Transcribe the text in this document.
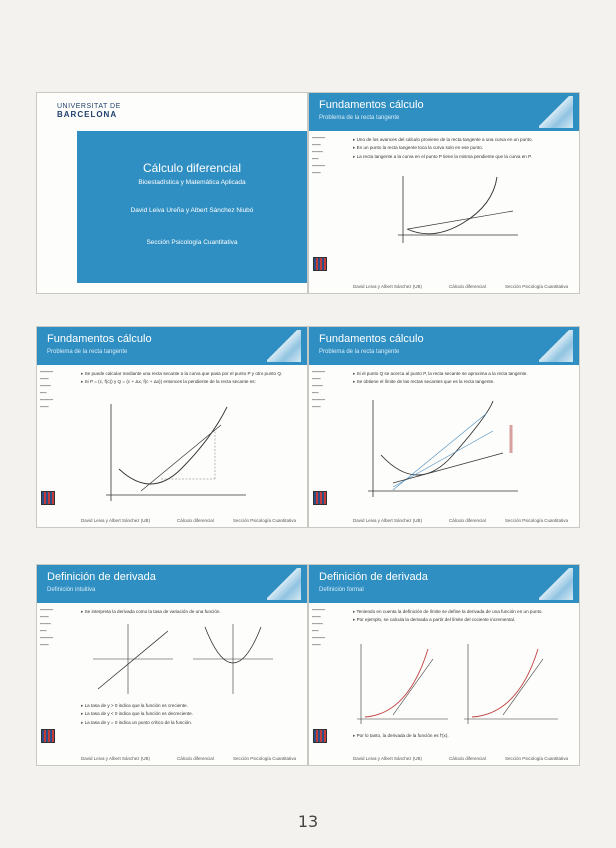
UNIVERSITAT DE
BARCELONA
Cálculo diferencial
Bioestadística y Matemática Aplicada
David Leiva Ureña y Albert Sánchez Niubó
Sección Psicología Cuantitativa
Fundamentos cálculo
Problema de la recta tangente
━━━━━━
━━━━
━━━━━
━━━
━━━━━━
━━━━
▸ Uno de los avances del cálculo proviene de la recta tangente a una curva en un punto.
▸ En un punto la recta tangente toca la curva solo en ese punto.
▸ La recta tangente a la curva en el punto P tiene la misma pendiente que la curva en P.
David Leiva y Albert Sánchez (UB)	Cálculo diferencial	Sección Psicología Cuantitativa
Fundamentos cálculo
Problema de la recta tangente
━━━━━━
━━━━
━━━━━
━━━
━━━━━━
━━━━
▸ Se puede calcular mediante una recta secante a la curva que pasa por el punto P y otro punto Q.
▸ Si P = (c, f(c)) y Q = (c + Δx, f(c + Δx)) entonces la pendiente de la recta secante es:
David Leiva y Albert Sánchez (UB)	Cálculo diferencial	Sección Psicología Cuantitativa
Fundamentos cálculo
Problema de la recta tangente
━━━━━━
━━━━
━━━━━
━━━
━━━━━━
━━━━
▸ Si el punto Q se acerca al punto P, la recta secante se aproxima a la recta tangente.
▸ Se obtiene el límite de las rectas secantes que es la recta tangente.
David Leiva y Albert Sánchez (UB)	Cálculo diferencial	Sección Psicología Cuantitativa
Definición de derivada
Definición intuitiva
━━━━━━
━━━━
━━━━━
━━━
━━━━━━
━━━━
▸ Se interpreta la derivada como la tasa de variación de una función.
▸ La tasa de y > 0 indica que la función es creciente.
▸ La tasa de y < 0 indica que la función es decreciente.
▸ La tasa de y = 0 indica un punto crítico de la función.
David Leiva y Albert Sánchez (UB)	Cálculo diferencial	Sección Psicología Cuantitativa
Definición de derivada
Definición formal
━━━━━━
━━━━
━━━━━
━━━
━━━━━━
━━━━
▸ Teniendo en cuenta la definición de límite se define la derivada de una función en un punto.
▸ Por ejemplo, se calcula la derivada a partir del límite del cociente incremental.
▸ Por lo tanto, la derivada de la función es f'(x).
David Leiva y Albert Sánchez (UB)	Cálculo diferencial	Sección Psicología Cuantitativa
13
